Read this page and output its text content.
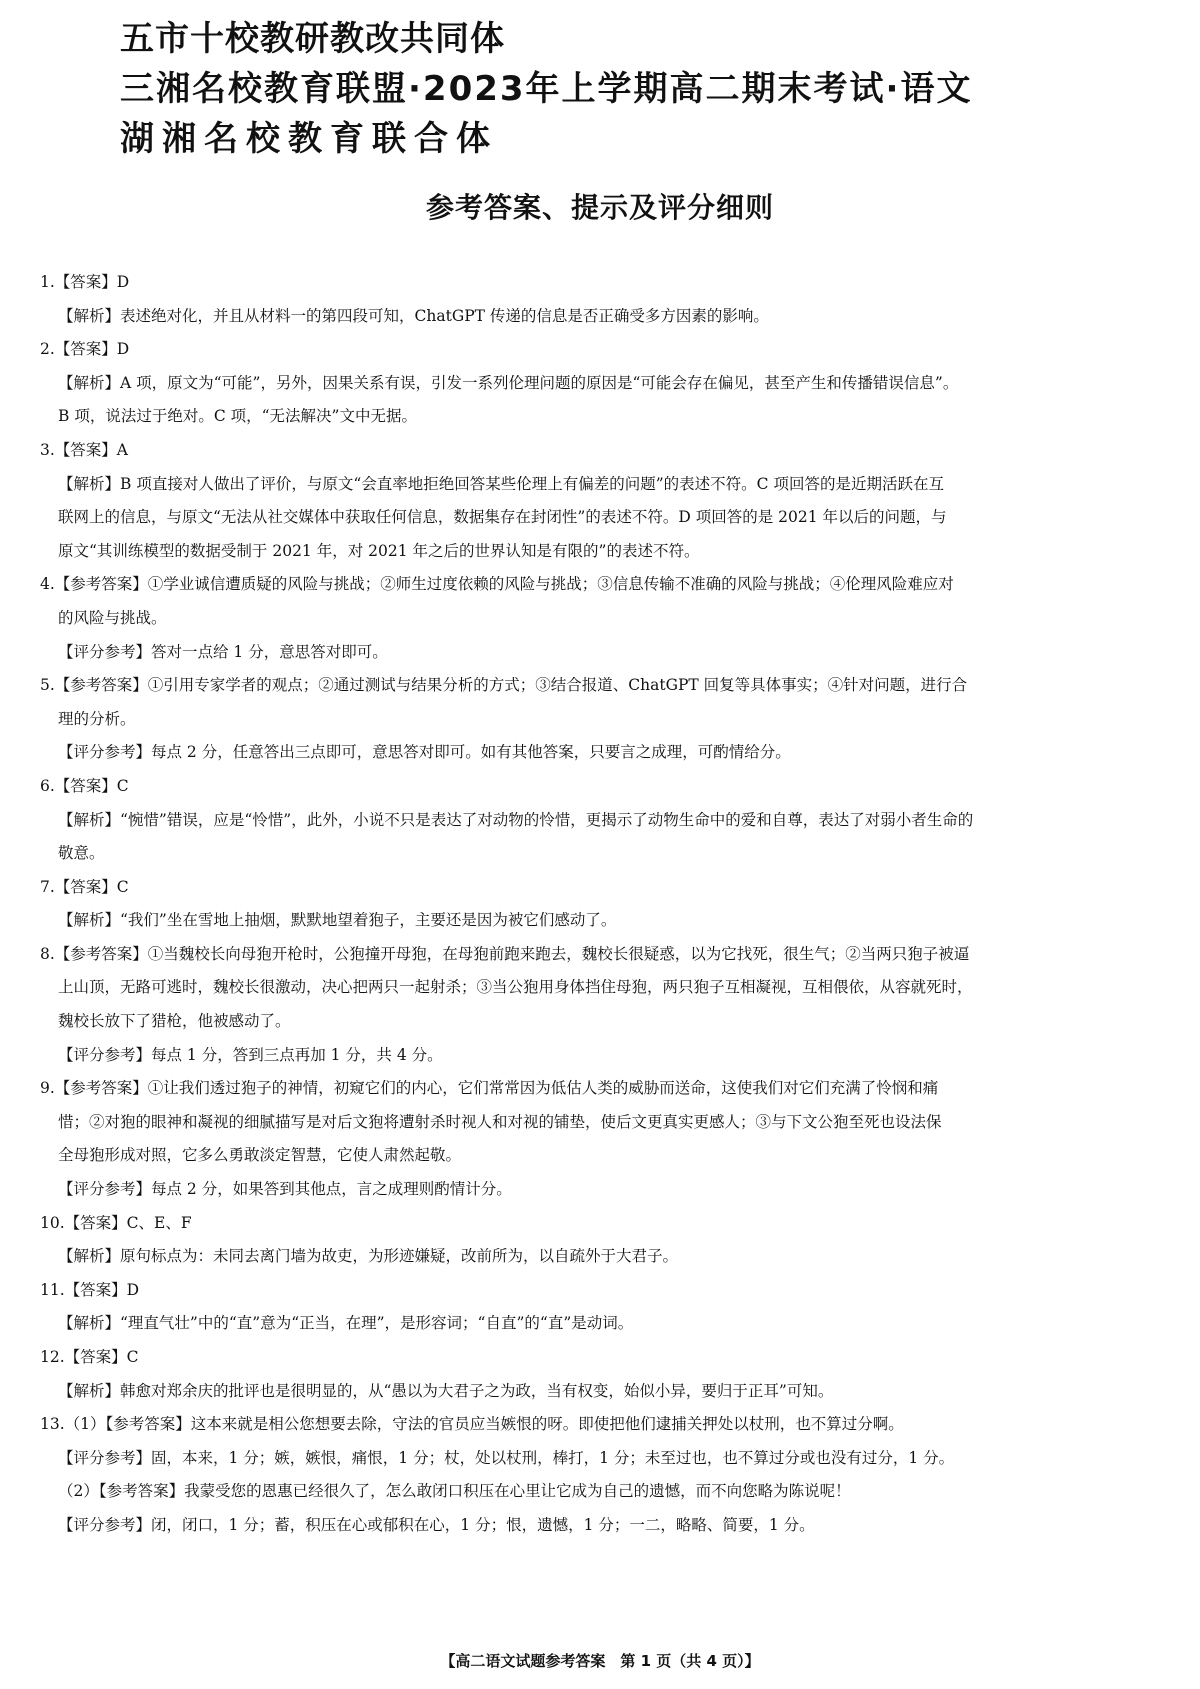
五市十校教研教改共同体
三湘名校教育联盟·2023年上学期高二期末考试·语文
湖湘名校教育联合体
参考答案、提示及评分细则
1.【答案】D
【解析】表述绝对化，并且从材料一的第四段可知，ChatGPT 传递的信息是否正确受多方因素的影响。
2.【答案】D
【解析】A 项，原文为“可能”，另外，因果关系有误，引发一系列伦理问题的原因是“可能会存在偏见，甚至产生和传播错误信息”。
B 项，说法过于绝对。C 项，“无法解决”文中无据。
3.【答案】A
【解析】B 项直接对人做出了评价，与原文“会直率地拒绝回答某些伦理上有偏差的问题”的表述不符。C 项回答的是近期活跃在互
联网上的信息，与原文“无法从社交媒体中获取任何信息，数据集存在封闭性”的表述不符。D 项回答的是 2021 年以后的问题，与
原文“其训练模型的数据受制于 2021 年，对 2021 年之后的世界认知是有限的”的表述不符。
4.【参考答案】①学业诚信遭质疑的风险与挑战；②师生过度依赖的风险与挑战；③信息传输不准确的风险与挑战；④伦理风险难应对
的风险与挑战。
【评分参考】答对一点给 1 分，意思答对即可。
5.【参考答案】①引用专家学者的观点；②通过测试与结果分析的方式；③结合报道、ChatGPT 回复等具体事实；④针对问题，进行合
理的分析。
【评分参考】每点 2 分，任意答出三点即可，意思答对即可。如有其他答案，只要言之成理，可酌情给分。
6.【答案】C
【解析】“惋惜”错误，应是“怜惜”，此外，小说不只是表达了对动物的怜惜，更揭示了动物生命中的爱和自尊，表达了对弱小者生命的
敬意。
7.【答案】C
【解析】“我们”坐在雪地上抽烟，默默地望着狍子，主要还是因为被它们感动了。
8.【参考答案】①当魏校长向母狍开枪时，公狍撞开母狍，在母狍前跑来跑去，魏校长很疑惑，以为它找死，很生气；②当两只狍子被逼
上山顶，无路可逃时，魏校长很激动，决心把两只一起射杀；③当公狍用身体挡住母狍，两只狍子互相凝视，互相偎依，从容就死时，
魏校长放下了猎枪，他被感动了。
【评分参考】每点 1 分，答到三点再加 1 分，共 4 分。
9.【参考答案】①让我们透过狍子的神情，初窥它们的内心，它们常常因为低估人类的威胁而送命，这使我们对它们充满了怜悯和痛
惜；②对狍的眼神和凝视的细腻描写是对后文狍将遭射杀时视人和对视的铺垫，使后文更真实更感人；③与下文公狍至死也设法保
全母狍形成对照，它多么勇敢淡定智慧，它使人肃然起敬。
【评分参考】每点 2 分，如果答到其他点，言之成理则酌情计分。
10.【答案】C、E、F
【解析】原句标点为：未同去离门墙为故吏，为形迹嫌疑，改前所为，以自疏外于大君子。
11.【答案】D
【解析】“理直气壮”中的“直”意为“正当，在理”，是形容词；“自直”的“直”是动词。
12.【答案】C
【解析】韩愈对郑余庆的批评也是很明显的，从“愚以为大君子之为政，当有权变，始似小异，要归于正耳”可知。
13.（1）【参考答案】这本来就是相公您想要去除，守法的官员应当嫉恨的呀。即使把他们逮捕关押处以杖刑，也不算过分啊。
【评分参考】固，本来，1 分；嫉，嫉恨，痛恨，1 分；杖，处以杖刑，棒打，1 分；未至过也，也不算过分或也没有过分，1 分。
（2）【参考答案】我蒙受您的恩惠已经很久了，怎么敢闭口积压在心里让它成为自己的遗憾，而不向您略为陈说呢！
【评分参考】闭，闭口，1 分；蓄，积压在心或郁积在心，1 分；恨，遗憾，1 分；一二，略略、简要，1 分。
【高二语文试题参考答案　第 1 页（共 4 页）】
